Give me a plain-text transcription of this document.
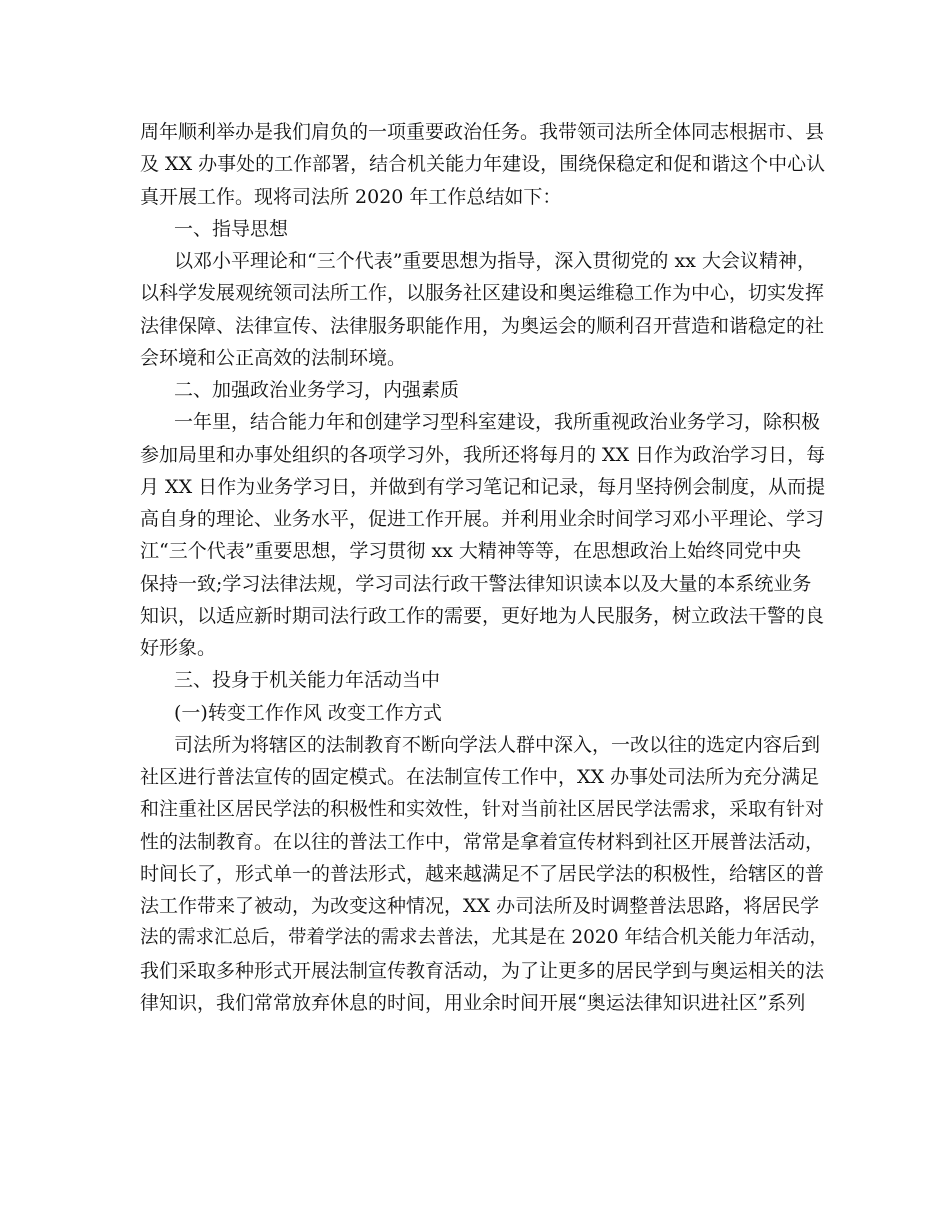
周年顺利举办是我们肩负的一项重要政治任务。我带领司法所全体同志根据市、县
及 XX 办事处的工作部署，结合机关能力年建设，围绕保稳定和促和谐这个中心认
真开展工作。现将司法所 2020 年工作总结如下：
一、指导思想
以邓小平理论和“三个代表”重要思想为指导，深入贯彻党的 xx 大会议精神，
以科学发展观统领司法所工作，以服务社区建设和奥运维稳工作为中心，切实发挥
法律保障、法律宣传、法律服务职能作用，为奥运会的顺利召开营造和谐稳定的社
会环境和公正高效的法制环境。
二、加强政治业务学习，内强素质
一年里，结合能力年和创建学习型科室建设，我所重视政治业务学习，除积极
参加局里和办事处组织的各项学习外，我所还将每月的 XX 日作为政治学习日，每
月 XX 日作为业务学习日，并做到有学习笔记和记录，每月坚持例会制度，从而提
高自身的理论、业务水平，促进工作开展。并利用业余时间学习邓小平理论、学习
江“三个代表”重要思想，学习贯彻 xx 大精神等等，在思想政治上始终同党中央
保持一致;学习法律法规，学习司法行政干警法律知识读本以及大量的本系统业务
知识，以适应新时期司法行政工作的需要，更好地为人民服务，树立政法干警的良
好形象。
三、投身于机关能力年活动当中
(一)转变工作作风 改变工作方式
司法所为将辖区的法制教育不断向学法人群中深入，一改以往的选定内容后到
社区进行普法宣传的固定模式。在法制宣传工作中，XX 办事处司法所为充分满足
和注重社区居民学法的积极性和实效性，针对当前社区居民学法需求，采取有针对
性的法制教育。在以往的普法工作中，常常是拿着宣传材料到社区开展普法活动，
时间长了，形式单一的普法形式，越来越满足不了居民学法的积极性，给辖区的普
法工作带来了被动，为改变这种情况，XX 办司法所及时调整普法思路，将居民学
法的需求汇总后，带着学法的需求去普法，尤其是在 2020 年结合机关能力年活动，
我们采取多种形式开展法制宣传教育活动，为了让更多的居民学到与奥运相关的法
律知识，我们常常放弃休息的时间，用业余时间开展“奥运法律知识进社区”系列
